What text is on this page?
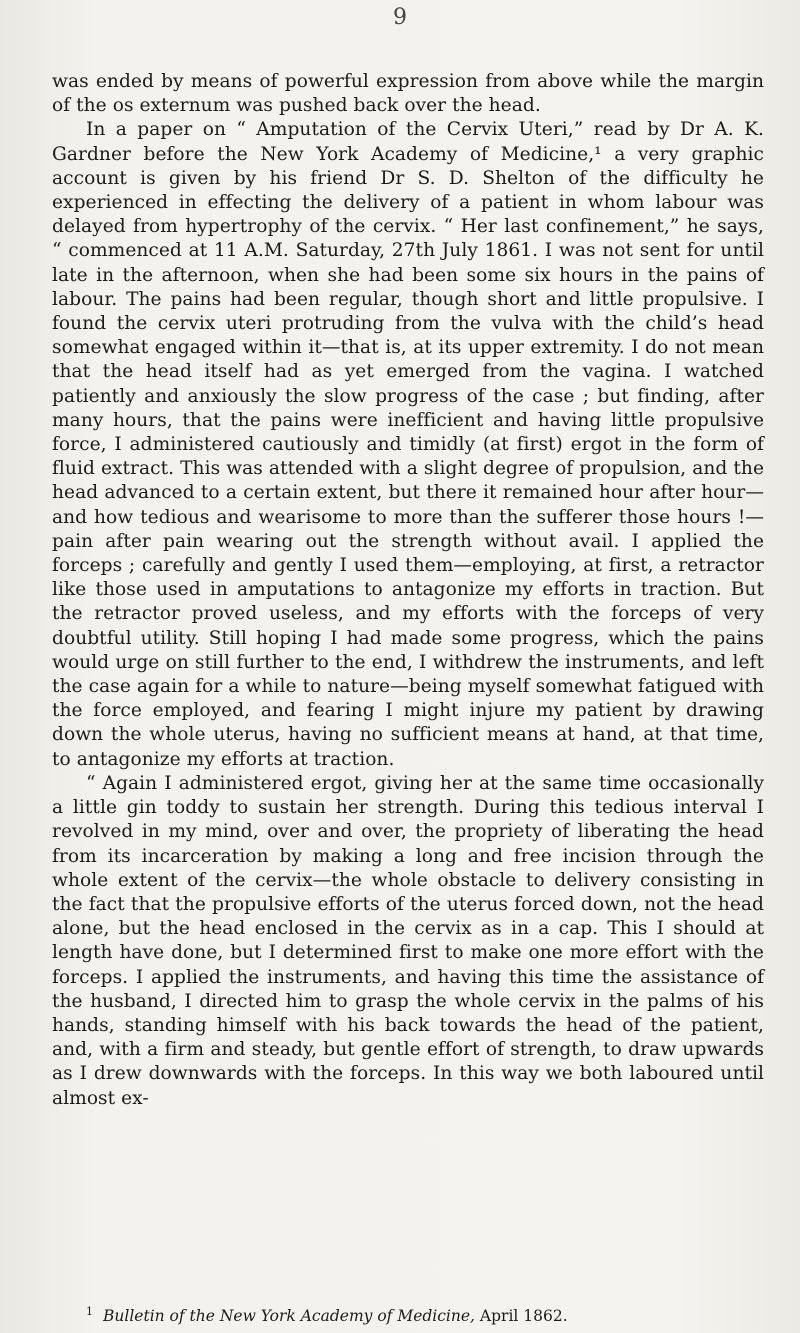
9

was ended by means of powerful expression from above while the margin of the os externum was pushed back over the head.

In a paper on “ Amputation of the Cervix Uteri,” read by Dr A. K. Gardner before the New York Academy of Medicine,¹ a very graphic account is given by his friend Dr S. D. Shelton of the difficulty he experienced in effecting the delivery of a patient in whom labour was delayed from hypertrophy of the cervix. “ Her last confinement,” he says, “ commenced at 11 A.M. Saturday, 27th July 1861. I was not sent for until late in the afternoon, when she had been some six hours in the pains of labour. The pains had been regular, though short and little propulsive. I found the cervix uteri protruding from the vulva with the child’s head somewhat engaged within it—that is, at its upper extremity. I do not mean that the head itself had as yet emerged from the vagina. I watched patiently and anxiously the slow progress of the case ; but finding, after many hours, that the pains were inefficient and having little propulsive force, I administered cautiously and timidly (at first) ergot in the form of fluid extract. This was attended with a slight degree of propulsion, and the head advanced to a certain extent, but there it remained hour after hour—and how tedious and wearisome to more than the sufferer those hours !—pain after pain wearing out the strength without avail. I applied the forceps ; carefully and gently I used them—employing, at first, a retractor like those used in amputations to antagonize my efforts in traction. But the retractor proved useless, and my efforts with the forceps of very doubtful utility. Still hoping I had made some progress, which the pains would urge on still further to the end, I withdrew the instruments, and left the case again for a while to nature—being myself somewhat fatigued with the force employed, and fearing I might injure my patient by drawing down the whole uterus, having no sufficient means at hand, at that time, to antagonize my efforts at traction.

“ Again I administered ergot, giving her at the same time occasionally a little gin toddy to sustain her strength. During this tedious interval I revolved in my mind, over and over, the propriety of liberating the head from its incarceration by making a long and free incision through the whole extent of the cervix—the whole obstacle to delivery consisting in the fact that the propulsive efforts of the uterus forced down, not the head alone, but the head enclosed in the cervix as in a cap. This I should at length have done, but I determined first to make one more effort with the forceps. I applied the instruments, and having this time the assistance of the husband, I directed him to grasp the whole cervix in the palms of his hands, standing himself with his back towards the head of the patient, and, with a firm and steady, but gentle effort of strength, to draw upwards as I drew downwards with the forceps. In this way we both laboured until almost ex-

$^1$ Bulletin of the New York Academy of Medicine, April 1862.
